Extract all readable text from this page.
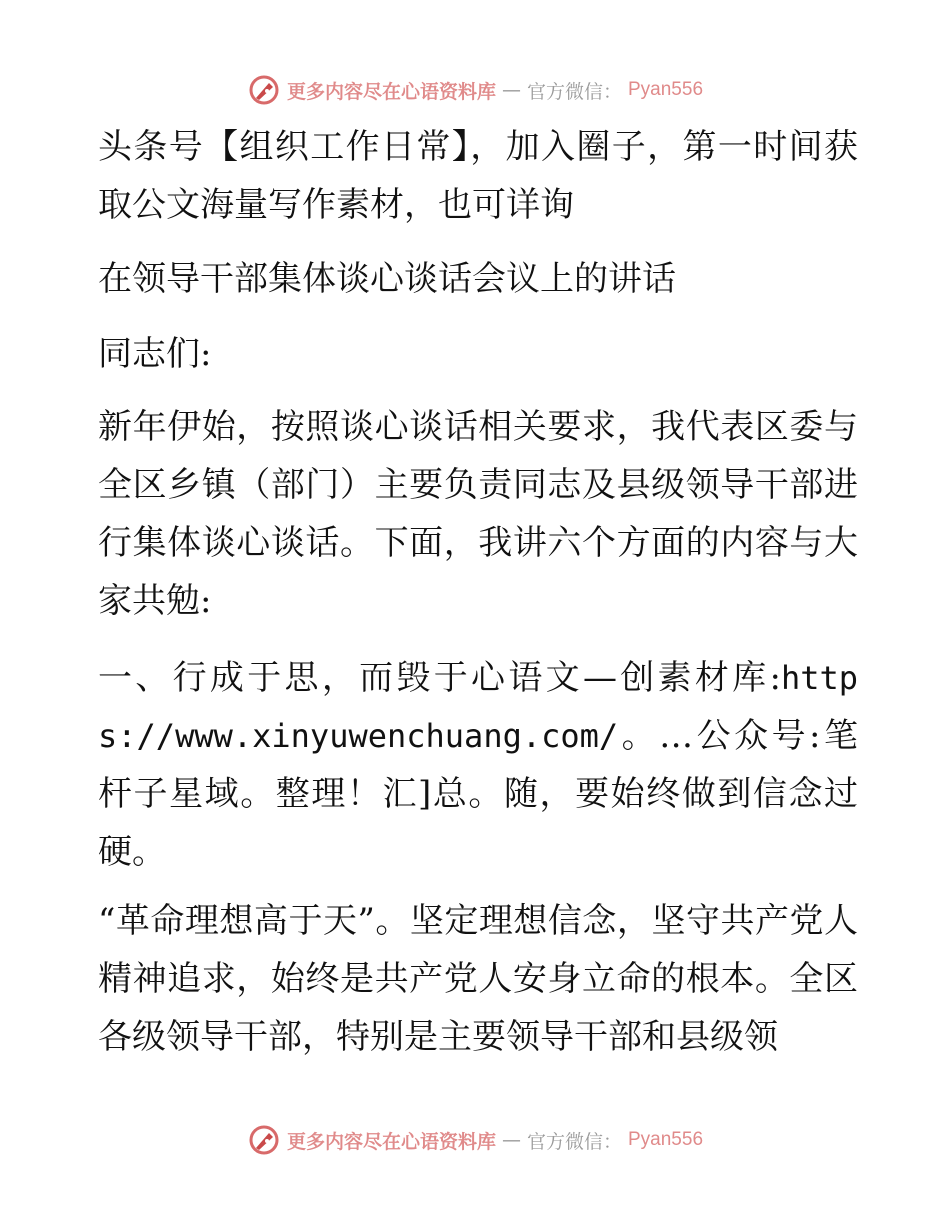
更多内容尽在心语资料库 — 官方微信： Pyan556

头条号【组织工作日常】，加入圈子，第一时间获取公文海量写作素材，也可详询

在领导干部集体谈心谈话会议上的讲话

同志们:

新年伊始，按照谈心谈话相关要求，我代表区委与全区乡镇（部门）主要负责同志及县级领导干部进行集体谈心谈话。下面，我讲六个方面的内容与大家共勉:

一、行成于思，而毁于心语文—创素材库:https://www.xinyuwenchuang.com/。…公众号:笔杆子星域。整理！汇]总。随，要始终做到信念过硬。

“革命理想高于天”。坚定理想信念，坚守共产党人精神追求，始终是共产党人安身立命的根本。全区各级领导干部，特别是主要领导干部和县级领

更多内容尽在心语资料库 — 官方微信： Pyan556
